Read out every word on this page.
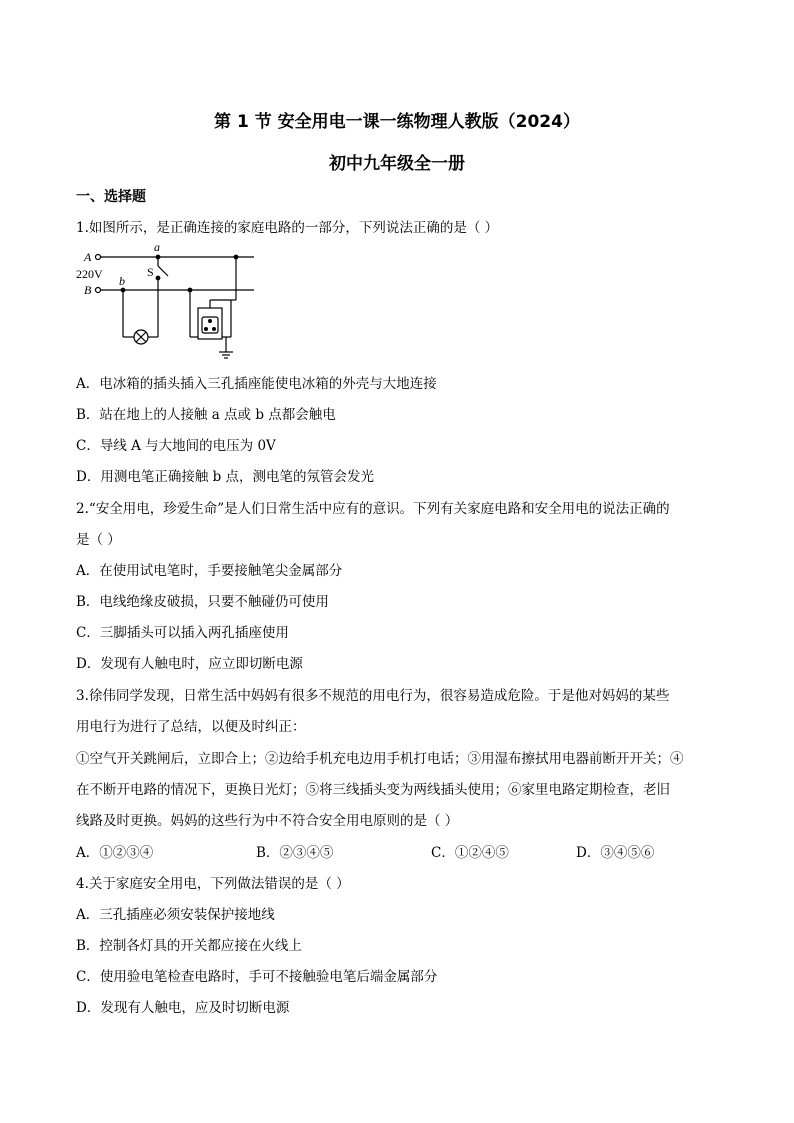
第 1 节 安全用电一课一练物理人教版（2024）
初中九年级全一册
一、选择题
1.如图所示，是正确连接的家庭电路的一部分，下列说法正确的是（ ）
A
B
a
b
220V	S
A．电冰箱的插头插入三孔插座能使电冰箱的外壳与大地连接
B．站在地上的人接触 a 点或 b 点都会触电
C．导线 A 与大地间的电压为 0V
D．用测电笔正确接触 b 点，测电笔的氖管会发光
2.“安全用电，珍爱生命”是人们日常生活中应有的意识。下列有关家庭电路和安全用电的说法正确的
是（ ）
A．在使用试电笔时，手要接触笔尖金属部分
B．电线绝缘皮破损，只要不触碰仍可使用
C．三脚插头可以插入两孔插座使用
D．发现有人触电时，应立即切断电源
3.徐伟同学发现，日常生活中妈妈有很多不规范的用电行为，很容易造成危险。于是他对妈妈的某些
用电行为进行了总结，以便及时纠正：
①空气开关跳闸后，立即合上；②边给手机充电边用手机打电话；③用湿布擦拭用电器前断开开关；④
在不断开电路的情况下，更换日光灯；⑤将三线插头变为两线插头使用；⑥家里电路定期检查，老旧
线路及时更换。妈妈的这些行为中不符合安全用电原则的是（ ）
A．①②③④	B．②③④⑤	C．①②④⑤	D．③④⑤⑥
4.关于家庭安全用电，下列做法错误的是（ ）
A．三孔插座必须安装保护接地线
B．控制各灯具的开关都应接在火线上
C．使用验电笔检查电路时，手可不接触验电笔后端金属部分
D．发现有人触电，应及时切断电源
